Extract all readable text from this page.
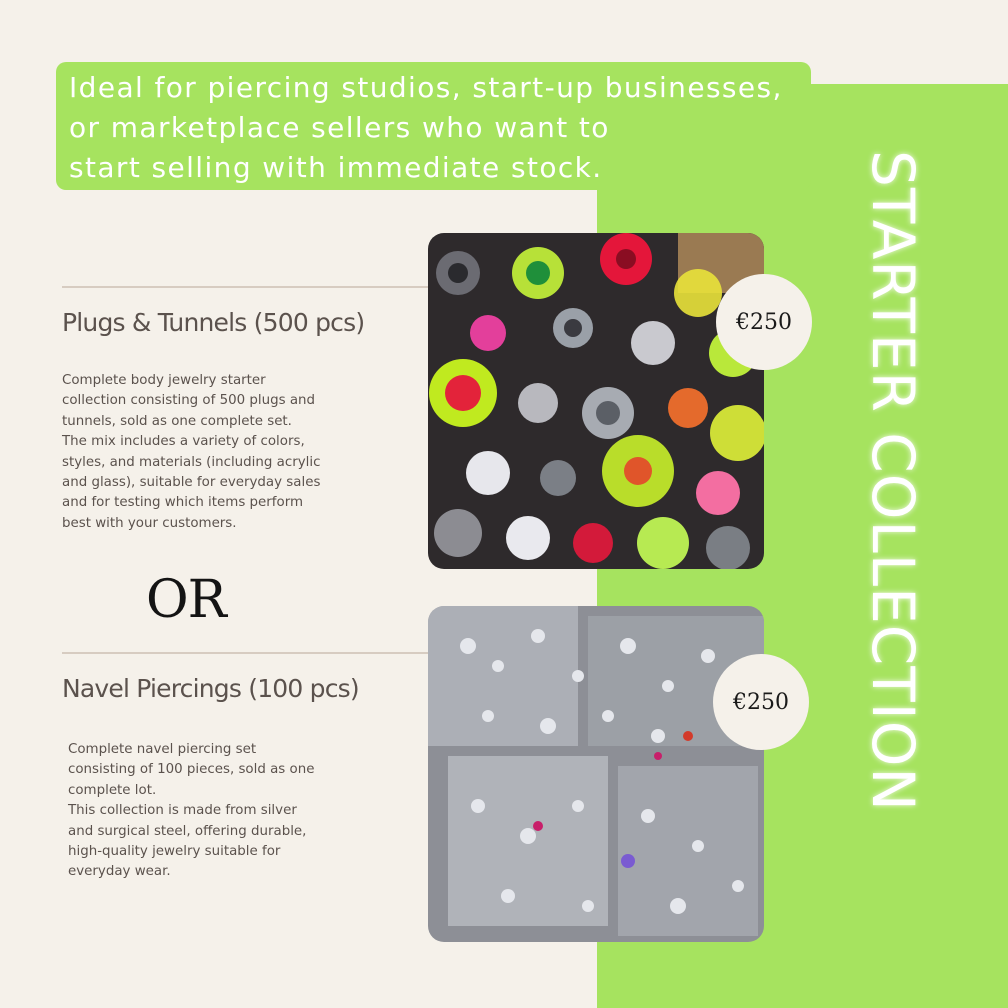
Ideal for piercing studios, start-up businesses,
or marketplace sellers who want to
start selling with immediate stock.	STARTER COLLECTION
Plugs & Tunnels (500 pcs)
Complete body jewelry starter
collection consisting of 500 plugs and
tunnels, sold as one complete set.
The mix includes a variety of colors,
styles, and materials (including acrylic
and glass), suitable for everyday sales
and for testing which items perform
best with your customers.
€250
OR
Navel Piercings (100 pcs)
Complete navel piercing set
consisting of 100 pieces, sold as one
complete lot.
This collection is made from silver
and surgical steel, offering durable,
high-quality jewelry suitable for
everyday wear.
€250
